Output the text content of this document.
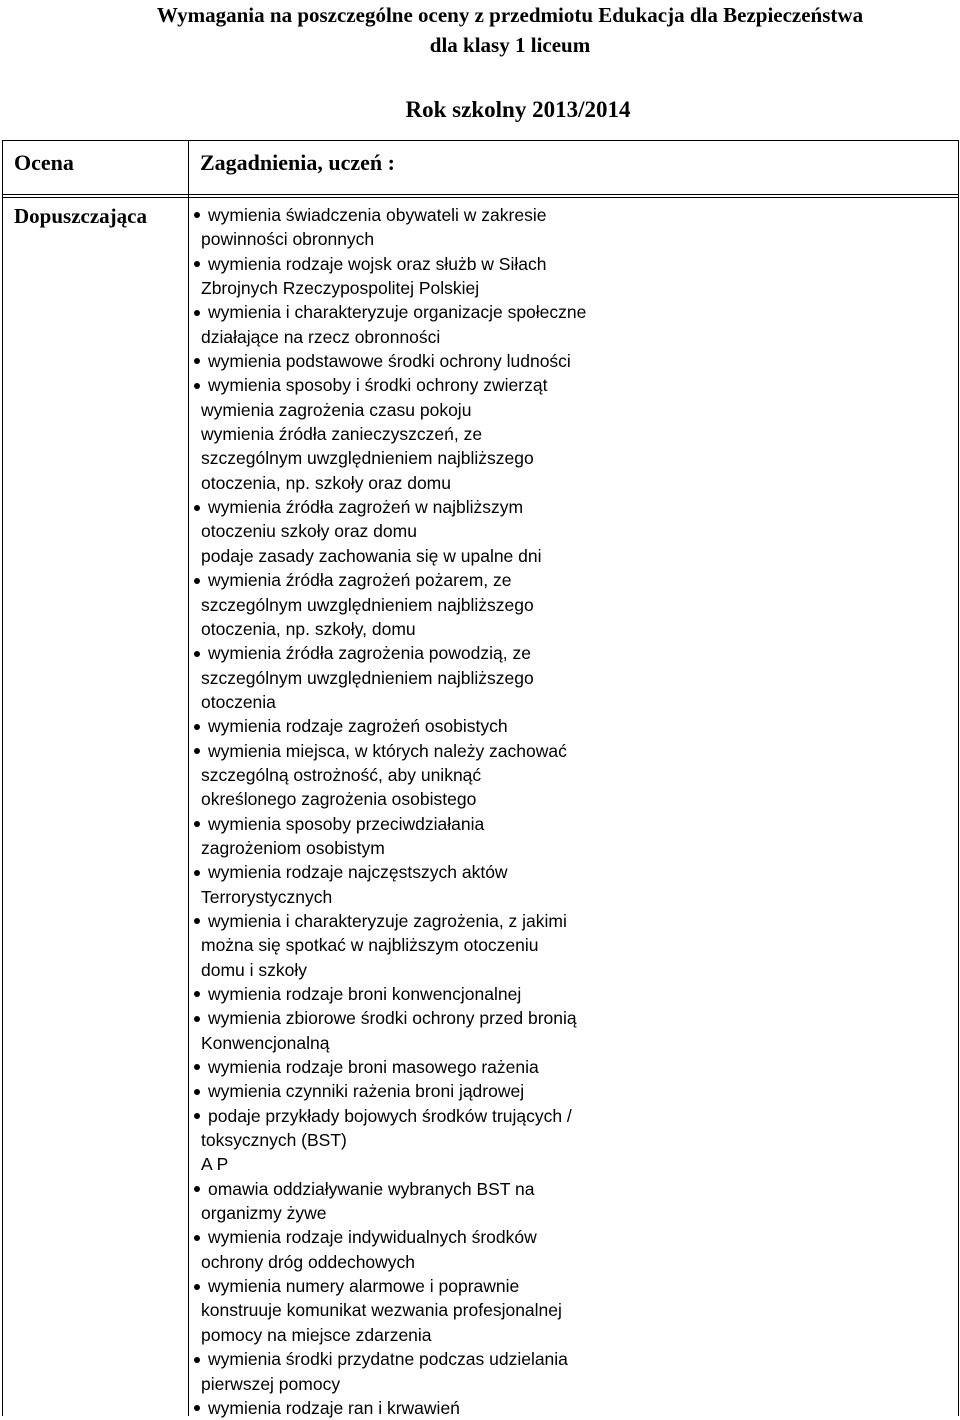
Wymagania na poszczególne oceny z przedmiotu Edukacja dla Bezpieczeństwa
dla klasy 1 liceum
Rok szkolny 2013/2014
Ocena	Zagadnienia, uczeń :
Dopuszczająca	wymienia świadczenia obywateli w zakresie
powinności obronnych
wymienia rodzaje wojsk oraz służb w Siłach
Zbrojnych Rzeczypospolitej Polskiej
wymienia i charakteryzuje organizacje społeczne
działające na rzecz obronności
wymienia podstawowe środki ochrony ludności
wymienia sposoby i środki ochrony zwierząt
wymienia zagrożenia czasu pokoju
wymienia źródła zanieczyszczeń, ze
szczególnym uwzględnieniem najbliższego
otoczenia, np. szkoły oraz domu
wymienia źródła zagrożeń w najbliższym
otoczeniu szkoły oraz domu
podaje zasady zachowania się w upalne dni
wymienia źródła zagrożeń pożarem, ze
szczególnym uwzględnieniem najbliższego
otoczenia, np. szkoły, domu
wymienia źródła zagrożenia powodzią, ze
szczególnym uwzględnieniem najbliższego
otoczenia
wymienia rodzaje zagrożeń osobistych
wymienia miejsca, w których należy zachować
szczególną ostrożność, aby uniknąć
określonego zagrożenia osobistego
wymienia sposoby przeciwdziałania
zagrożeniom osobistym
wymienia rodzaje najczęstszych aktów
Terrorystycznych
wymienia i charakteryzuje zagrożenia, z jakimi
można się spotkać w najbliższym otoczeniu
domu i szkoły
wymienia rodzaje broni konwencjonalnej
wymienia zbiorowe środki ochrony przed bronią
Konwencjonalną
wymienia rodzaje broni masowego rażenia
wymienia czynniki rażenia broni jądrowej
podaje przykłady bojowych środków trujących /
toksycznych (BST)
A P
omawia oddziaływanie wybranych BST na
organizmy żywe
wymienia rodzaje indywidualnych środków
ochrony dróg oddechowych
wymienia numery alarmowe i poprawnie
konstruuje komunikat wezwania profesjonalnej
pomocy na miejsce zdarzenia
wymienia środki przydatne podczas udzielania
pierwszej pomocy
wymienia rodzaje ran i krwawień
